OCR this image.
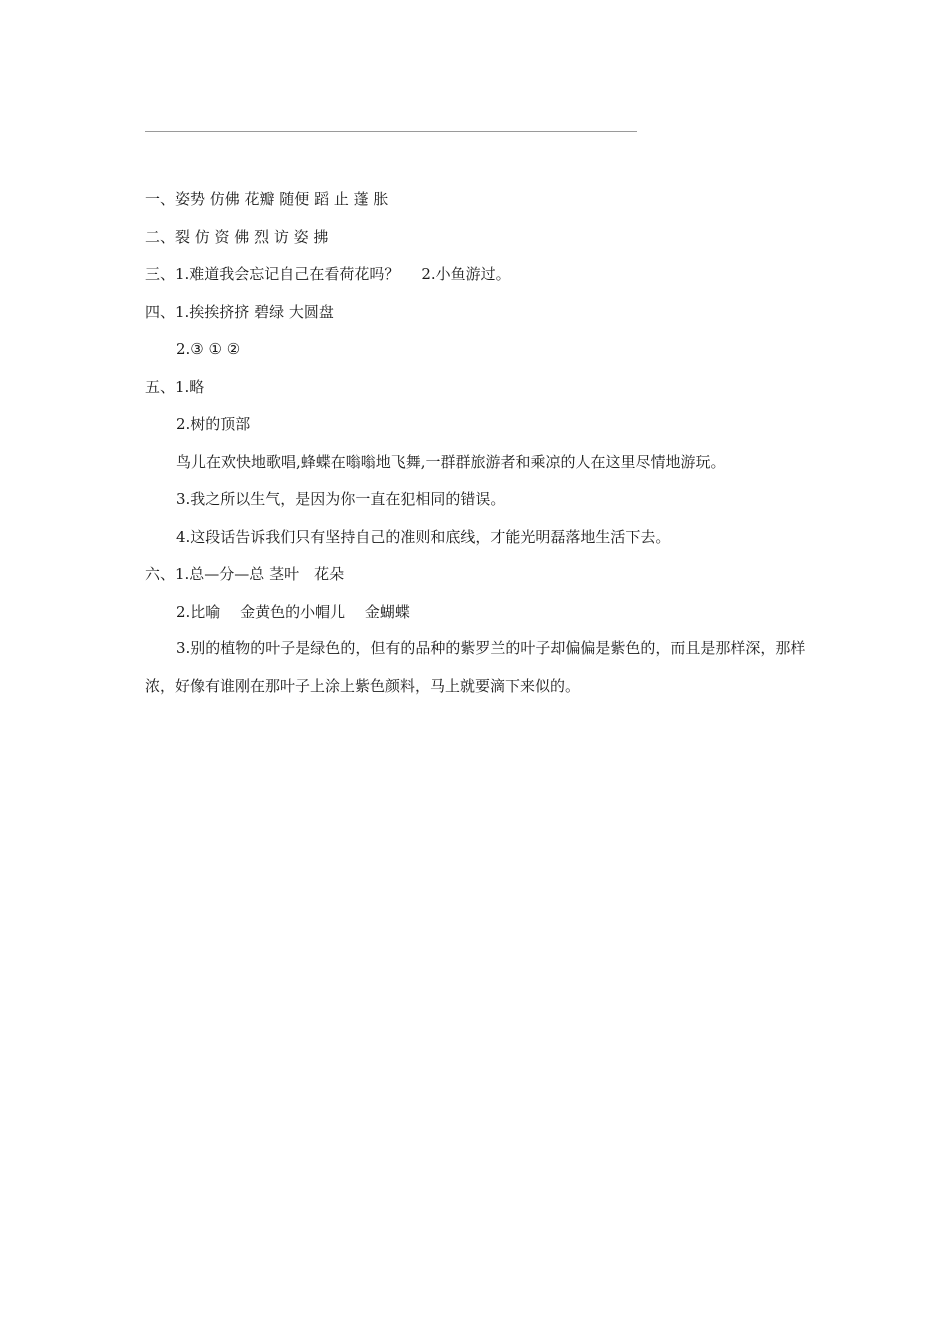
一、姿势 仿佛 花瓣 随便 蹈 止 蓬 胀

二、裂 仿 资 佛 烈 访 姿 拂

三、1.难道我会忘记自己在看荷花吗？ 2.小鱼游过。

四、1.挨挨挤挤 碧绿 大圆盘

2.③ ① ②

五、1.略

2.树的顶部

鸟儿在欢快地歌唱,蜂蝶在嗡嗡地飞舞,一群群旅游者和乘凉的人在这里尽情地游玩。

3.我之所以生气，是因为你一直在犯相同的错误。

4.这段话告诉我们只有坚持自己的准则和底线，才能光明磊落地生活下去。

六、1.总—分—总 茎叶　花朵

2.比喻　 金黄色的小帽儿　 金蝴蝶

3.别的植物的叶子是绿色的，但有的品种的紫罗兰的叶子却偏偏是紫色的，而且是那样深，那样浓，好像有谁刚在那叶子上涂上紫色颜料，马上就要滴下来似的。
